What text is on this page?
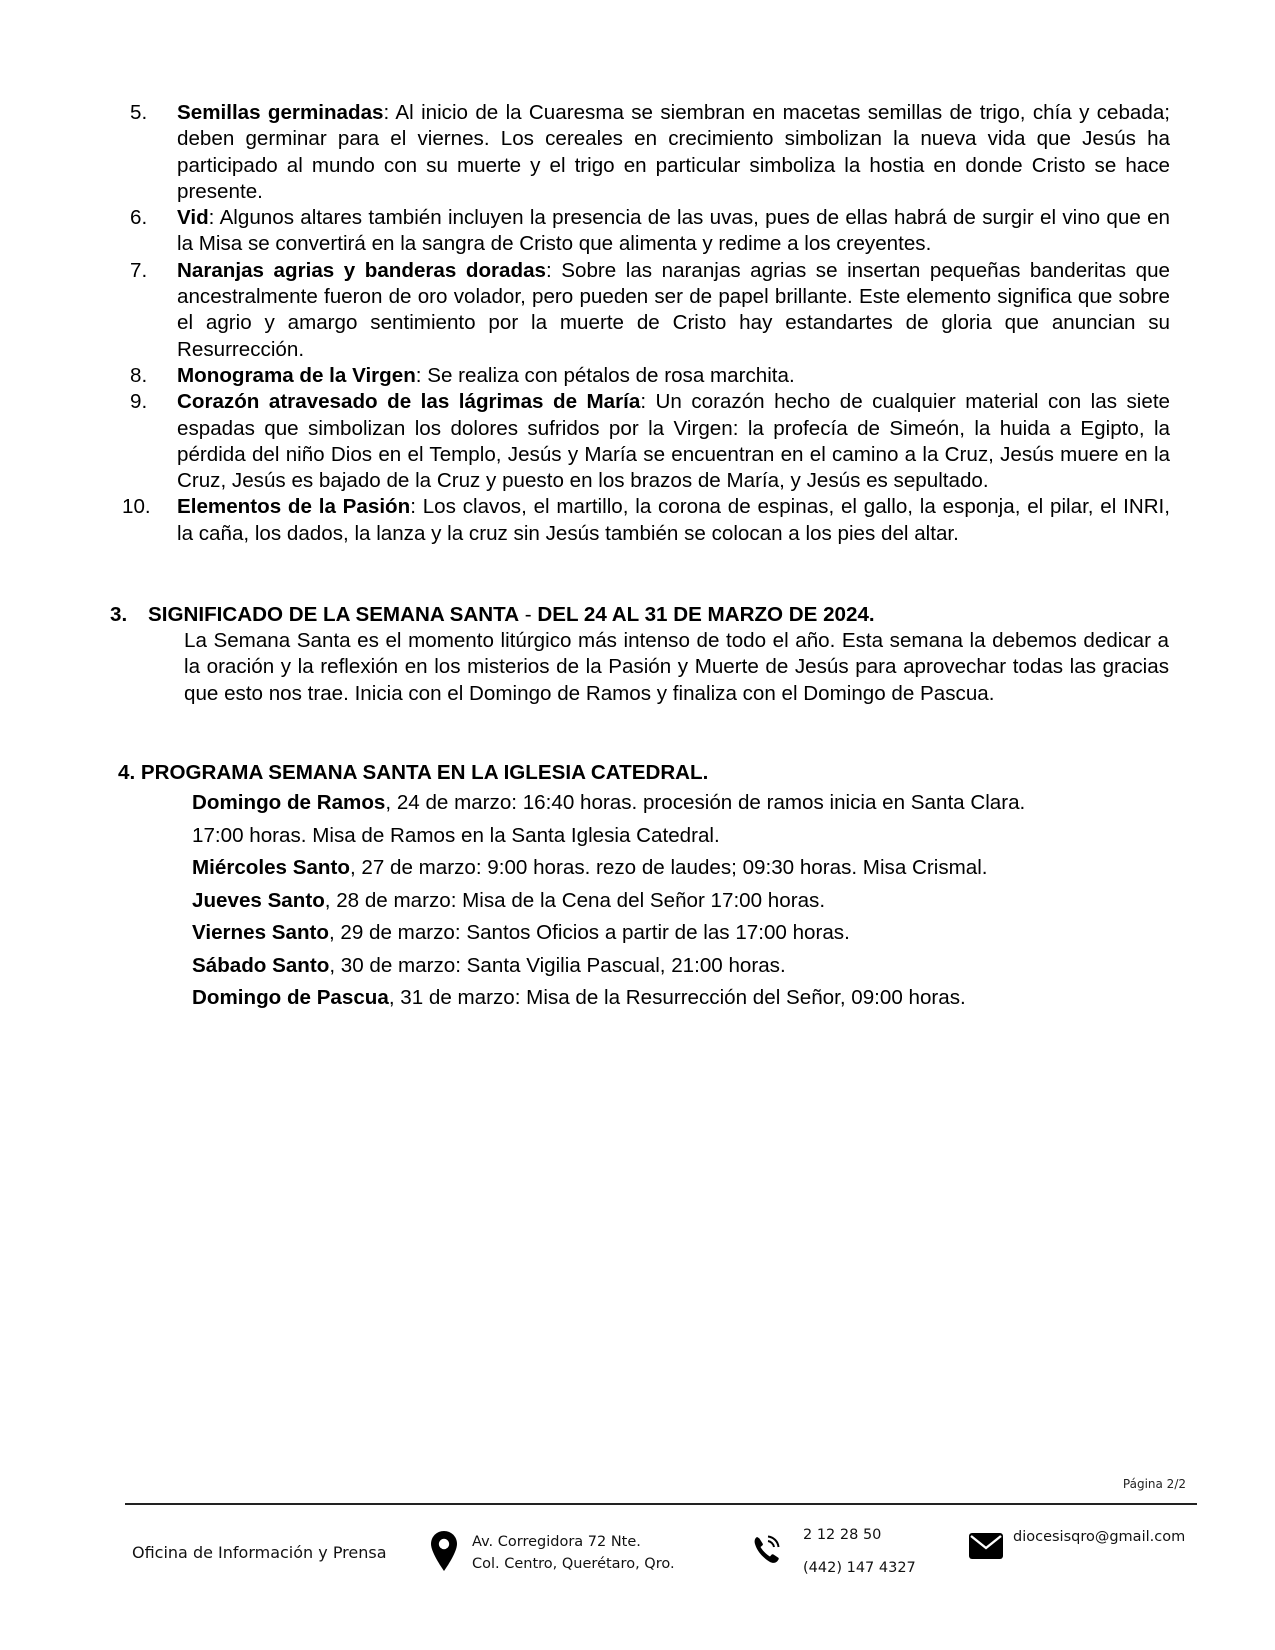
5.	Semillas germinadas: Al inicio de la Cuaresma se siembran en macetas semillas de trigo, chía y cebada; deben germinar para el viernes. Los cereales en crecimiento simbolizan la nueva vida que Jesús ha participado al mundo con su muerte y el trigo en particular simboliza la hostia en donde Cristo se hace presente.
6.	Vid: Algunos altares también incluyen la presencia de las uvas, pues de ellas habrá de surgir el vino que en la Misa se convertirá en la sangra de Cristo que alimenta y redime a los creyentes.
7.	Naranjas agrias y banderas doradas: Sobre las naranjas agrias se insertan pequeñas banderitas que ancestralmente fueron de oro volador, pero pueden ser de papel brillante. Este elemento significa que sobre el agrio y amargo sentimiento por la muerte de Cristo hay estandartes de gloria que anuncian su Resurrección.
8.	Monograma de la Virgen: Se realiza con pétalos de rosa marchita.
9.	Corazón atravesado de las lágrimas de María: Un corazón hecho de cualquier material con las siete espadas que simbolizan los dolores sufridos por la Virgen: la profecía de Simeón, la huida a Egipto, la pérdida del niño Dios en el Templo, Jesús y María se encuentran en el camino a la Cruz, Jesús muere en la Cruz, Jesús es bajado de la Cruz y puesto en los brazos de María, y Jesús es sepultado.
10.	Elementos de la Pasión: Los clavos, el martillo, la corona de espinas, el gallo, la esponja, el pilar, el INRI, la caña, los dados, la lanza y la cruz sin Jesús también se colocan a los pies del altar.
3. SIGNIFICADO DE LA SEMANA SANTA - DEL 24 AL 31 DE MARZO DE 2024.

La Semana Santa es el momento litúrgico más intenso de todo el año. Esta semana la debemos dedicar a la oración y la reflexión en los misterios de la Pasión y Muerte de Jesús para aprovechar todas las gracias que esto nos trae. Inicia con el Domingo de Ramos y finaliza con el Domingo de Pascua.

4. PROGRAMA SEMANA SANTA EN LA IGLESIA CATEDRAL.
Domingo de Ramos, 24 de marzo: 16:40 horas. procesión de ramos inicia en Santa Clara.
17:00 horas. Misa de Ramos en la Santa Iglesia Catedral.
Miércoles Santo, 27 de marzo: 9:00 horas. rezo de laudes; 09:30 horas. Misa Crismal.
Jueves Santo, 28 de marzo: Misa de la Cena del Señor 17:00 horas.
Viernes Santo, 29 de marzo: Santos Oficios a partir de las 17:00 horas.
Sábado Santo, 30 de marzo: Santa Vigilia Pascual, 21:00 horas.
Domingo de Pascua, 31 de marzo: Misa de la Resurrección del Señor, 09:00 horas.
Página 2/2
Oficina de Información y Prensa
Av. Corregidora 72 Nte.
Col. Centro, Querétaro, Qro.
2 12 28 50
(442) 147 4327
diocesisqro@gmail.com
